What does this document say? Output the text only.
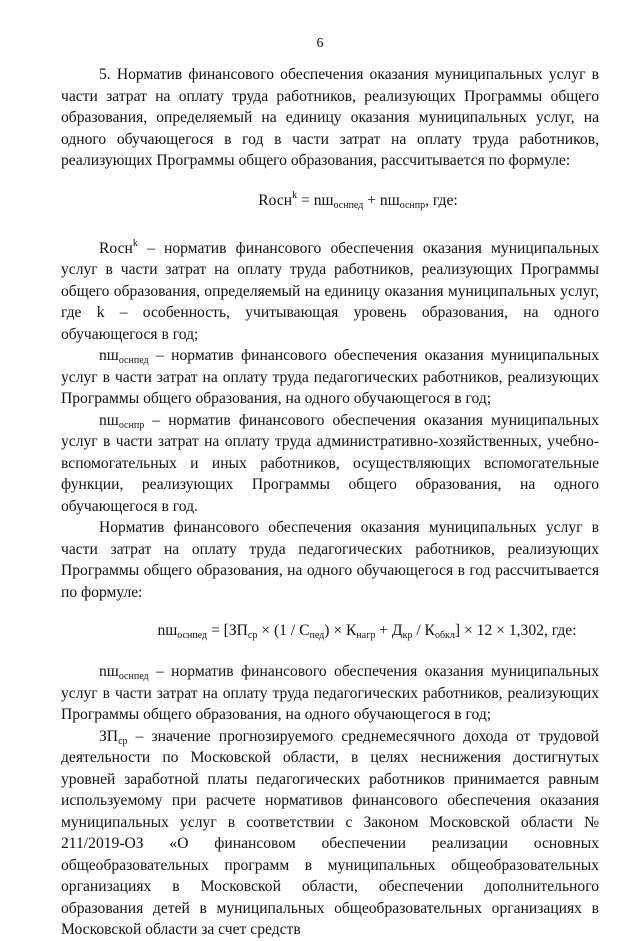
6

5. Норматив финансового обеспечения оказания муниципальных услуг в части затрат на оплату труда работников, реализующих Программы общего образования, определяемый на единицу оказания муниципальных услуг, на одного обучающегося в год в части затрат на оплату труда работников, реализующих Программы общего образования, рассчитывается по формуле:

Rосн$^k$ = $nш_{оснпед} + nш_{оснпр}$, где:

Rосн$^k$ – норматив финансового обеспечения оказания муниципальных услуг в части затрат на оплату труда работников, реализующих Программы общего образования, определяемый на единицу оказания муниципальных услуг, где k – особенность, учитывающая уровень образования, на одного обучающегося в год;

$nш_{оснпед}$ – норматив финансового обеспечения оказания муниципальных услуг в части затрат на оплату труда педагогических работников, реализующих Программы общего образования, на одного обучающегося в год;

$nш_{оснпр}$ – норматив финансового обеспечения оказания муниципальных услуг в части затрат на оплату труда административно-хозяйственных, учебно-вспомогательных и иных работников, осуществляющих вспомогательные функции, реализующих Программы общего образования, на одного обучающегося в год.

Норматив финансового обеспечения оказания муниципальных услуг в части затрат на оплату труда педагогических работников, реализующих Программы общего образования, на одного обучающегося в год рассчитывается по формуле:

$nш_{оснпед} = [ЗП_{ср} \times (1 / С_{пед}) \times К_{нагр} + Д_{кр} / К_{обкл}] \times 12 \times 1,302$, где:

$nш_{оснпед}$ – норматив финансового обеспечения оказания муниципальных услуг в части затрат на оплату труда педагогических работников, реализующих Программы общего образования, на одного обучающегося в год;

$ЗП_{ср}$ – значение прогнозируемого среднемесячного дохода от трудовой деятельности по Московской области, в целях неснижения достигнутых уровней заработной платы педагогических работников принимается равным используемому при расчете нормативов финансового обеспечения оказания муниципальных услуг в соответствии с Законом Московской области № 211/2019-ОЗ «О финансовом обеспечении реализации основных общеобразовательных программ в муниципальных общеобразовательных организациях в Московской области, обеспечении дополнительного образования детей в муниципальных общеобразовательных организациях в Московской области за счет средств
